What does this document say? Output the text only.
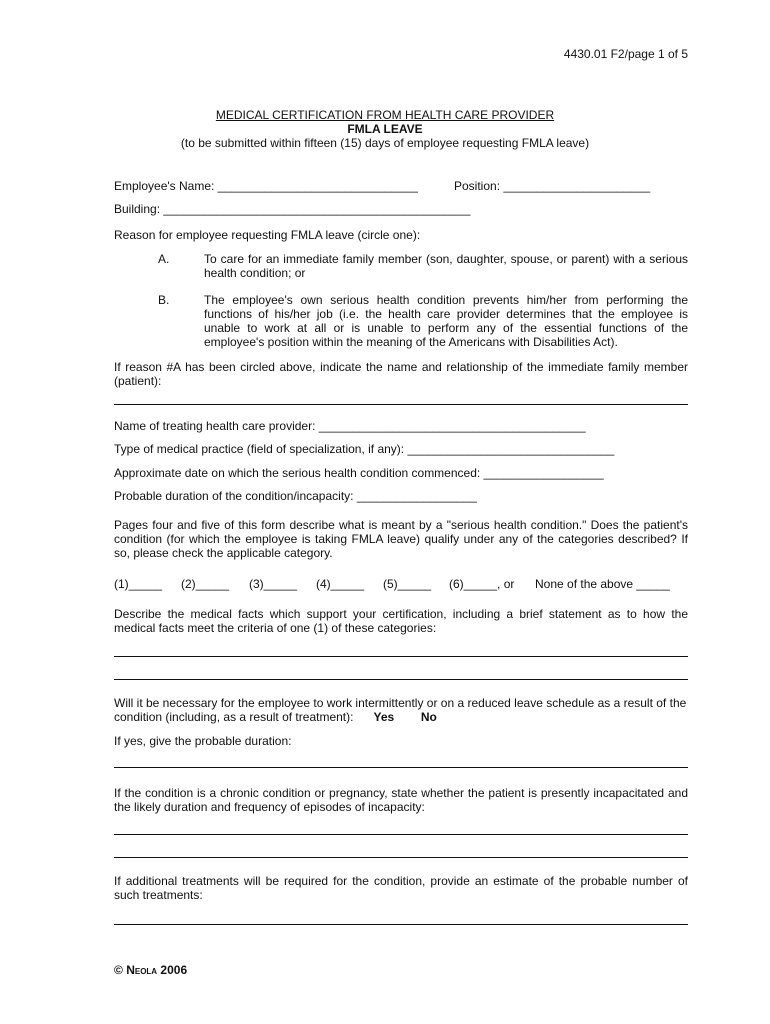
4430.01 F2/page 1 of 5
MEDICAL CERTIFICATION FROM HEALTH CARE PROVIDER
FMLA LEAVE
(to be submitted within fifteen (15) days of employee requesting FMLA leave)
Employee's Name: ______________________________	Position: ______________________
Building: ______________________________________________
Reason for employee requesting FMLA leave (circle one):
A.	To care for an immediate family member (son, daughter, spouse, or parent) with a serious health condition; or
B.	The employee's own serious health condition prevents him/her from performing the functions of his/her job (i.e. the health care provider determines that the employee is unable to work at all or is unable to perform any of the essential functions of the employee's position within the meaning of the Americans with Disabilities Act).
If reason #A has been circled above, indicate the name and relationship of the immediate family member (patient):
Name of treating health care provider: ________________________________________
Type of medical practice (field of specialization, if any): _______________________________
Approximate date on which the serious health condition commenced: __________________
Probable duration of the condition/incapacity: __________________
Pages four and five of this form describe what is meant by a "serious health condition." Does the patient's condition (for which the employee is taking FMLA leave) qualify under any of the categories described? If so, please check the applicable category.
(1)_____ (2)_____ (3)_____ (4)_____ (5)_____ (6)_____, or None of the above _____
Describe the medical facts which support your certification, including a brief statement as to how the medical facts meet the criteria of one (1) of these categories:
Will it be necessary for the employee to work intermittently or on a reduced leave schedule as a result of the condition (including, as a result of treatment): Yes No
If yes, give the probable duration:
If the condition is a chronic condition or pregnancy, state whether the patient is presently incapacitated and the likely duration and frequency of episodes of incapacity:
If additional treatments will be required for the condition, provide an estimate of the probable number of such treatments:
© Neola 2006
